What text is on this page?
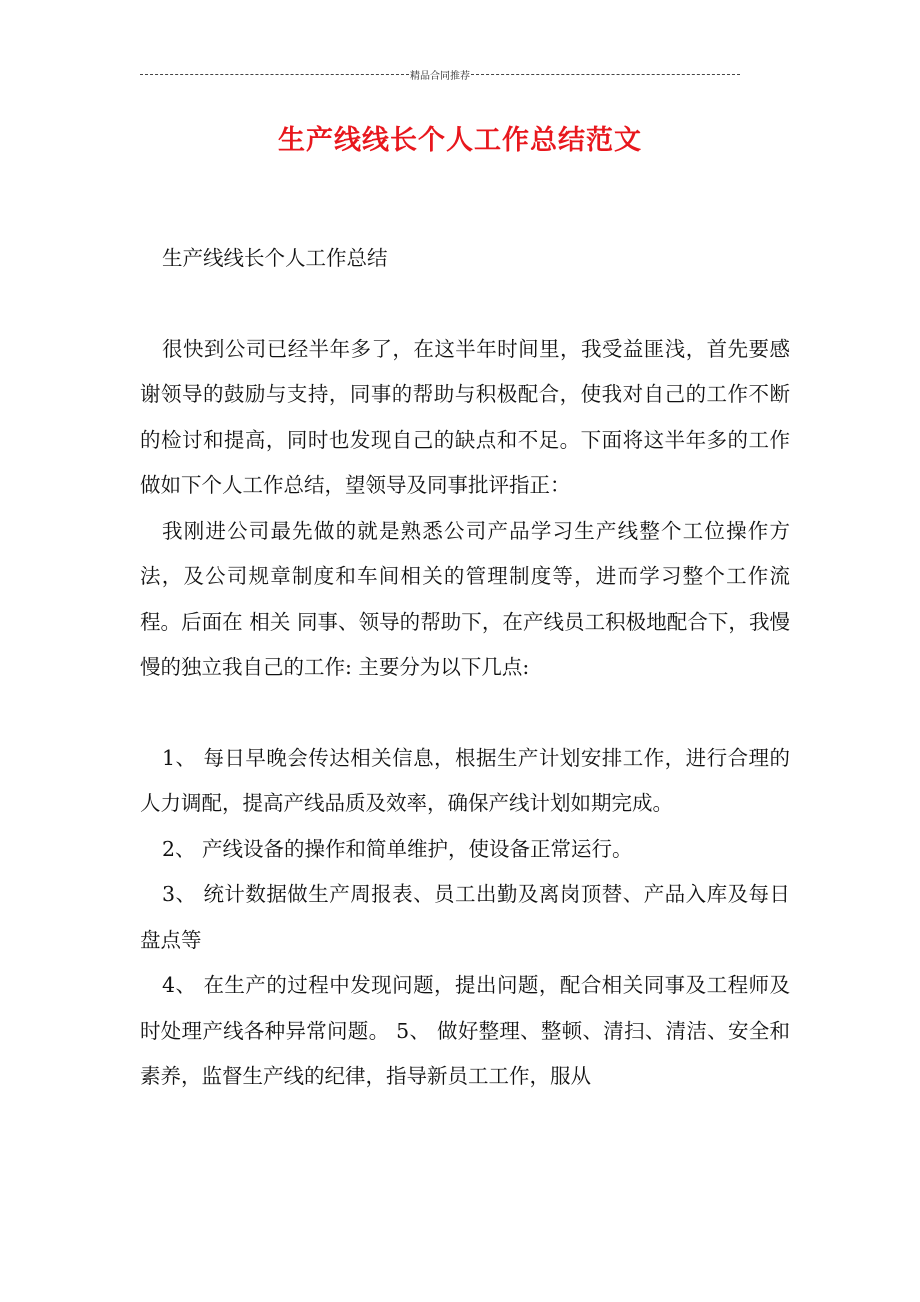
精品合同推荐
生产线线长个人工作总结范文

生产线线长个人工作总结

很快到公司已经半年多了，在这半年时间里，我受益匪浅，首先要感谢领导的鼓励与支持，同事的帮助与积极配合，使我对自己的工作不断的检讨和提高，同时也发现自己的缺点和不足。下面将这半年多的工作做如下个人工作总结，望领导及同事批评指正：

我刚进公司最先做的就是熟悉公司产品学习生产线整个工位操作方法，及公司规章制度和车间相关的管理制度等，进而学习整个工作流程。后面在 相关 同事、领导的帮助下，在产线员工积极地配合下，我慢慢的独立我自己的工作: 主要分为以下几点:

1、 每日早晚会传达相关信息，根据生产计划安排工作，进行合理的人力调配，提高产线品质及效率，确保产线计划如期完成。

2、 产线设备的操作和简单维护，使设备正常运行。

3、 统计数据做生产周报表、员工出勤及离岗顶替、产品入库及每日盘点等

4、 在生产的过程中发现问题，提出问题，配合相关同事及工程师及时处理产线各种异常问题。 5、 做好整理、整顿、清扫、清洁、安全和素养，监督生产线的纪律，指导新员工工作，服从
